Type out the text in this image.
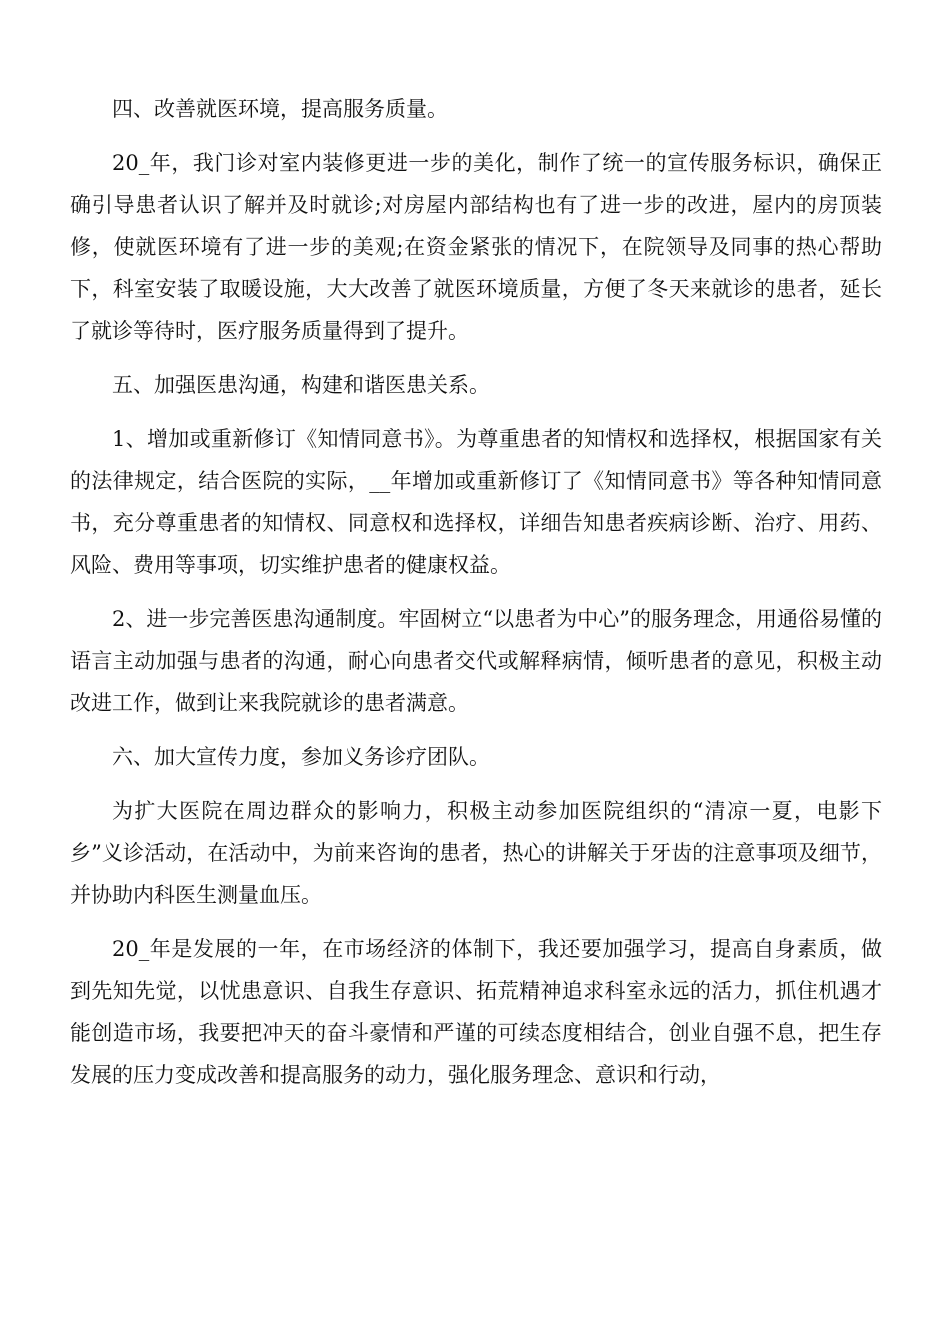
四、改善就医环境，提高服务质量。

20_年，我门诊对室内装修更进一步的美化，制作了统一的宣传服务标识，确保正确引导患者认识了解并及时就诊;对房屋内部结构也有了进一步的改进，屋内的房顶装修，使就医环境有了进一步的美观;在资金紧张的情况下，在院领导及同事的热心帮助下，科室安装了取暖设施，大大改善了就医环境质量，方便了冬天来就诊的患者，延长了就诊等待时，医疗服务质量得到了提升。

五、加强医患沟通，构建和谐医患关系。

1、增加或重新修订《知情同意书》。为尊重患者的知情权和选择权，根据国家有关的法律规定，结合医院的实际，__年增加或重新修订了《知情同意书》等各种知情同意书，充分尊重患者的知情权、同意权和选择权，详细告知患者疾病诊断、治疗、用药、风险、费用等事项，切实维护患者的健康权益。

2、进一步完善医患沟通制度。牢固树立“以患者为中心”的服务理念，用通俗易懂的语言主动加强与患者的沟通，耐心向患者交代或解释病情，倾听患者的意见，积极主动改进工作，做到让来我院就诊的患者满意。

六、加大宣传力度，参加义务诊疗团队。

为扩大医院在周边群众的影响力，积极主动参加医院组织的“清凉一夏，电影下乡”义诊活动，在活动中，为前来咨询的患者，热心的讲解关于牙齿的注意事项及细节，并协助内科医生测量血压。

20_年是发展的一年，在市场经济的体制下，我还要加强学习，提高自身素质，做到先知先觉，以忧患意识、自我生存意识、拓荒精神追求科室永远的活力，抓住机遇才能创造市场，我要把冲天的奋斗豪情和严谨的可续态度相结合，创业自强不息，把生存发展的压力变成改善和提高服务的动力，强化服务理念、意识和行动，
